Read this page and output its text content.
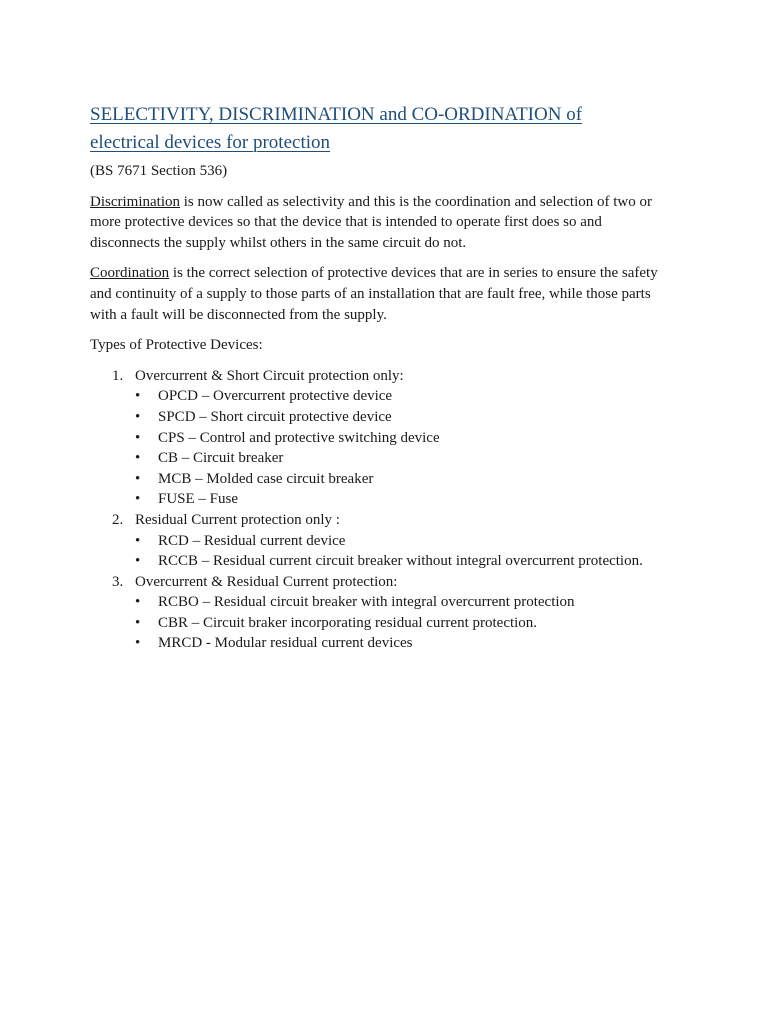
SELECTIVITY, DISCRIMINATION and CO-ORDINATION of
electrical devices for protection

(BS 7671 Section 536)

Discrimination is now called as selectivity and this is the coordination and selection of two or more protective devices so that the device that is intended to operate first does so and disconnects the supply whilst others in the same circuit do not.

Coordination is the correct selection of protective devices that are in series to ensure the safety and continuity of a supply to those parts of an installation that are fault free, while those parts with a fault will be disconnected from the supply.

Types of Protective Devices:

1. Overcurrent & Short Circuit protection only:
• OPCD – Overcurrent protective device
• SPCD – Short circuit protective device
• CPS – Control and protective switching device
• CB – Circuit breaker
• MCB – Molded case circuit breaker
• FUSE – Fuse
2. Residual Current protection only :
• RCD – Residual current device
• RCCB – Residual current circuit breaker without integral overcurrent protection.
3. Overcurrent & Residual Current protection:
• RCBO – Residual circuit breaker with integral overcurrent protection
• CBR – Circuit braker incorporating residual current protection.
• MRCD - Modular residual current devices
